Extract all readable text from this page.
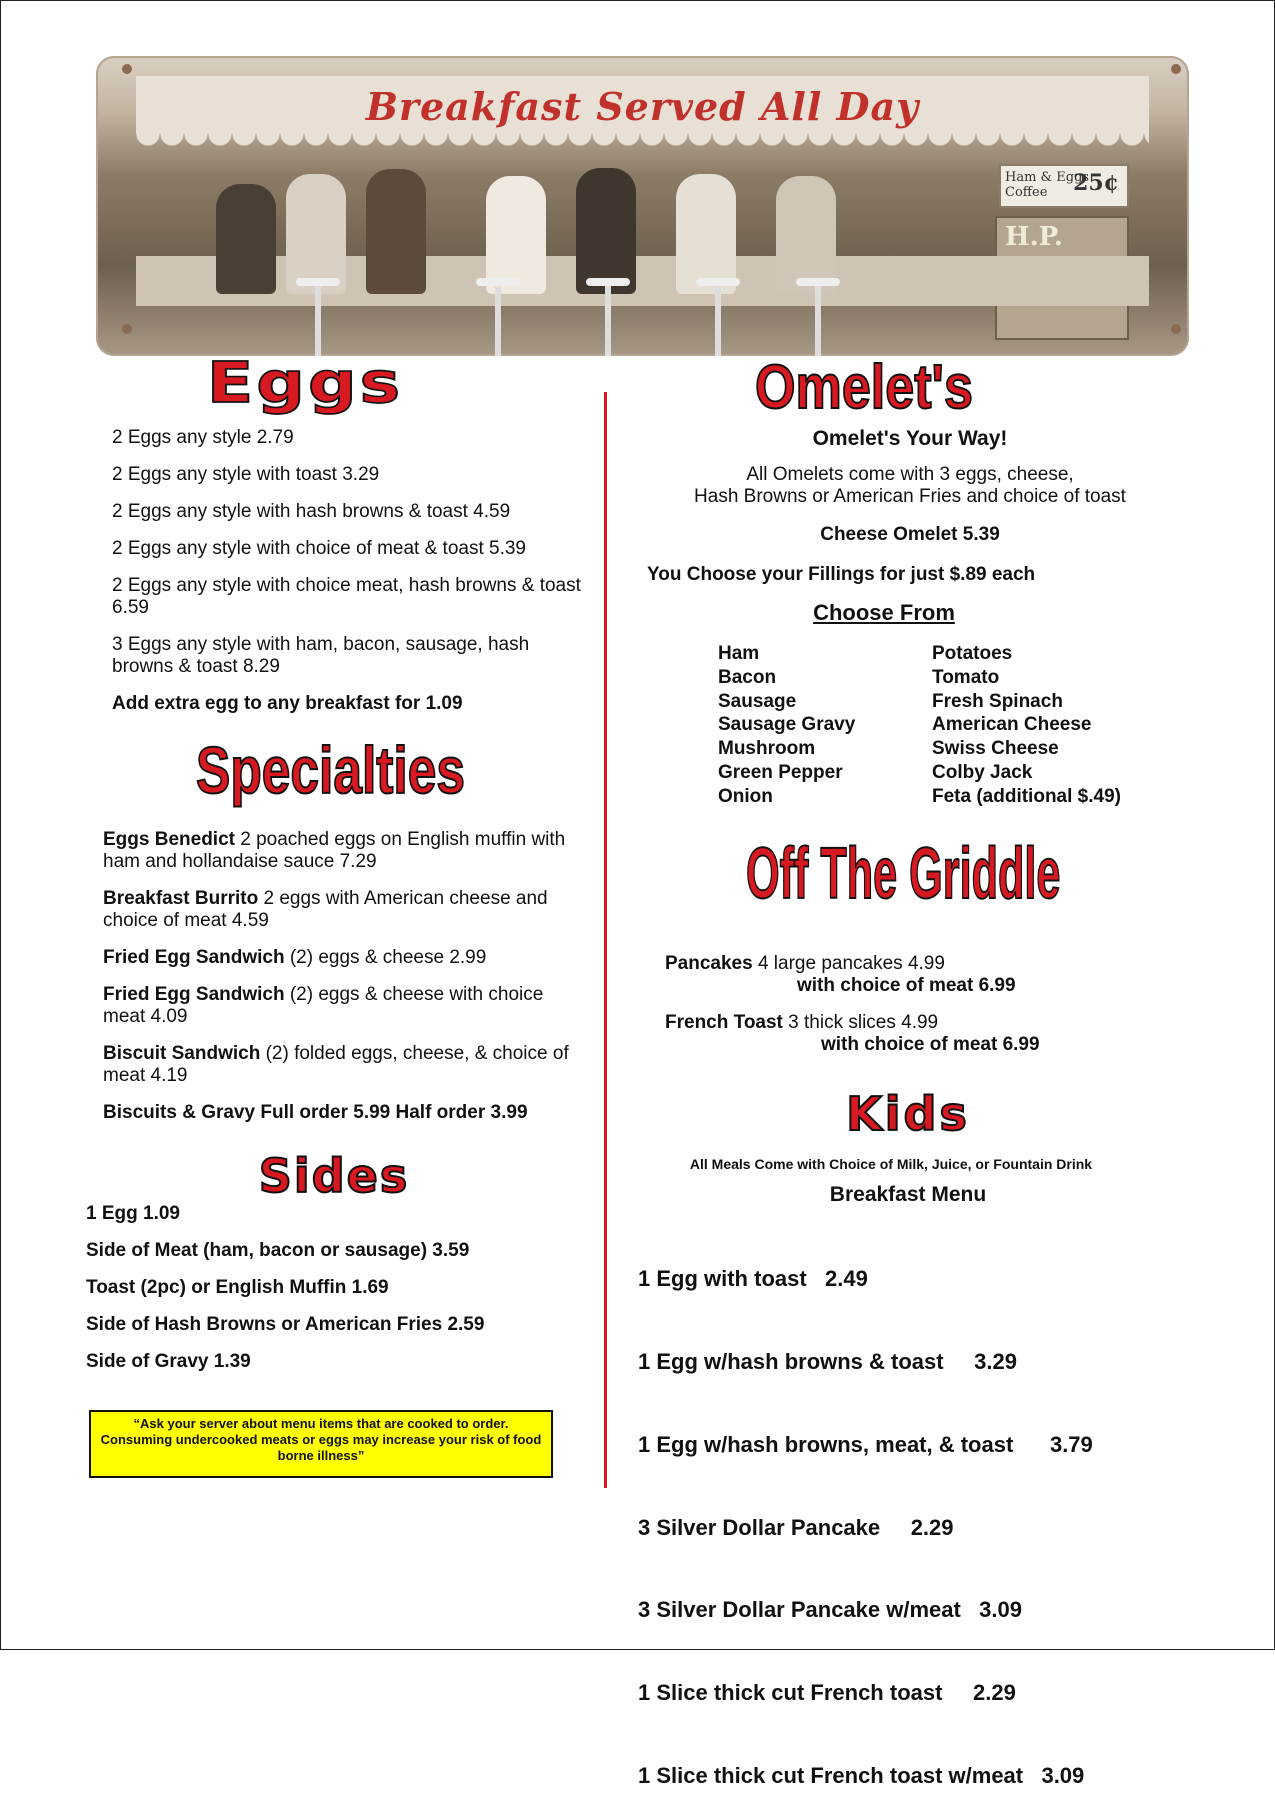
Breakfast Served All Day
Ham & Eggs Coffee 25¢
H.P.
Eggs
2 Eggs any style 2.79
2 Eggs any style with toast 3.29
2 Eggs any style with hash browns & toast 4.59
2 Eggs any style with choice of meat & toast 5.39
2 Eggs any style with choice meat, hash browns & toast 6.59
3 Eggs any style with ham, bacon, sausage, hash browns & toast 8.29
Add extra egg to any breakfast for 1.09
Specialties
Eggs Benedict 2 poached eggs on English muffin with ham and hollandaise sauce 7.29
Breakfast Burrito 2 eggs with American cheese and choice of meat 4.59
Fried Egg Sandwich (2) eggs & cheese 2.99
Fried Egg Sandwich (2) eggs & cheese with choice meat 4.09
Biscuit Sandwich (2) folded eggs, cheese, & choice of meat 4.19
Biscuits & Gravy Full order 5.99 Half order 3.99
Sides
1 Egg 1.09
Side of Meat (ham, bacon or sausage) 3.59
Toast (2pc) or English Muffin 1.69
Side of Hash Browns or American Fries 2.59
Side of Gravy 1.39
“Ask your server about menu items that are cooked to order. Consuming undercooked meats or eggs may increase your risk of food borne illness”
Omelet's
Omelet's Your Way!
All Omelets come with 3 eggs, cheese,
Hash Browns or American Fries and choice of toast
Cheese Omelet 5.39
You Choose your Fillings for just $.89 each
Choose From
Ham	Potatoes
Bacon	Tomato
Sausage	Fresh Spinach
Sausage Gravy	American Cheese
Mushroom	Swiss Cheese
Green Pepper	Colby Jack
Onion	Feta (additional $.49)
Off The Griddle
Pancakes 4 large pancakes 4.99
with choice of meat 6.99
French Toast 3 thick slices 4.99
with choice of meat 6.99
Kids
All Meals Come with Choice of Milk, Juice, or Fountain Drink
Breakfast Menu

1 Egg with toast   2.49

1 Egg w/hash browns & toast     3.29

1 Egg w/hash browns, meat, & toast      3.79

3 Silver Dollar Pancake     2.29

3 Silver Dollar Pancake w/meat   3.09

1 Slice thick cut French toast     2.29

1 Slice thick cut French toast w/meat   3.09
